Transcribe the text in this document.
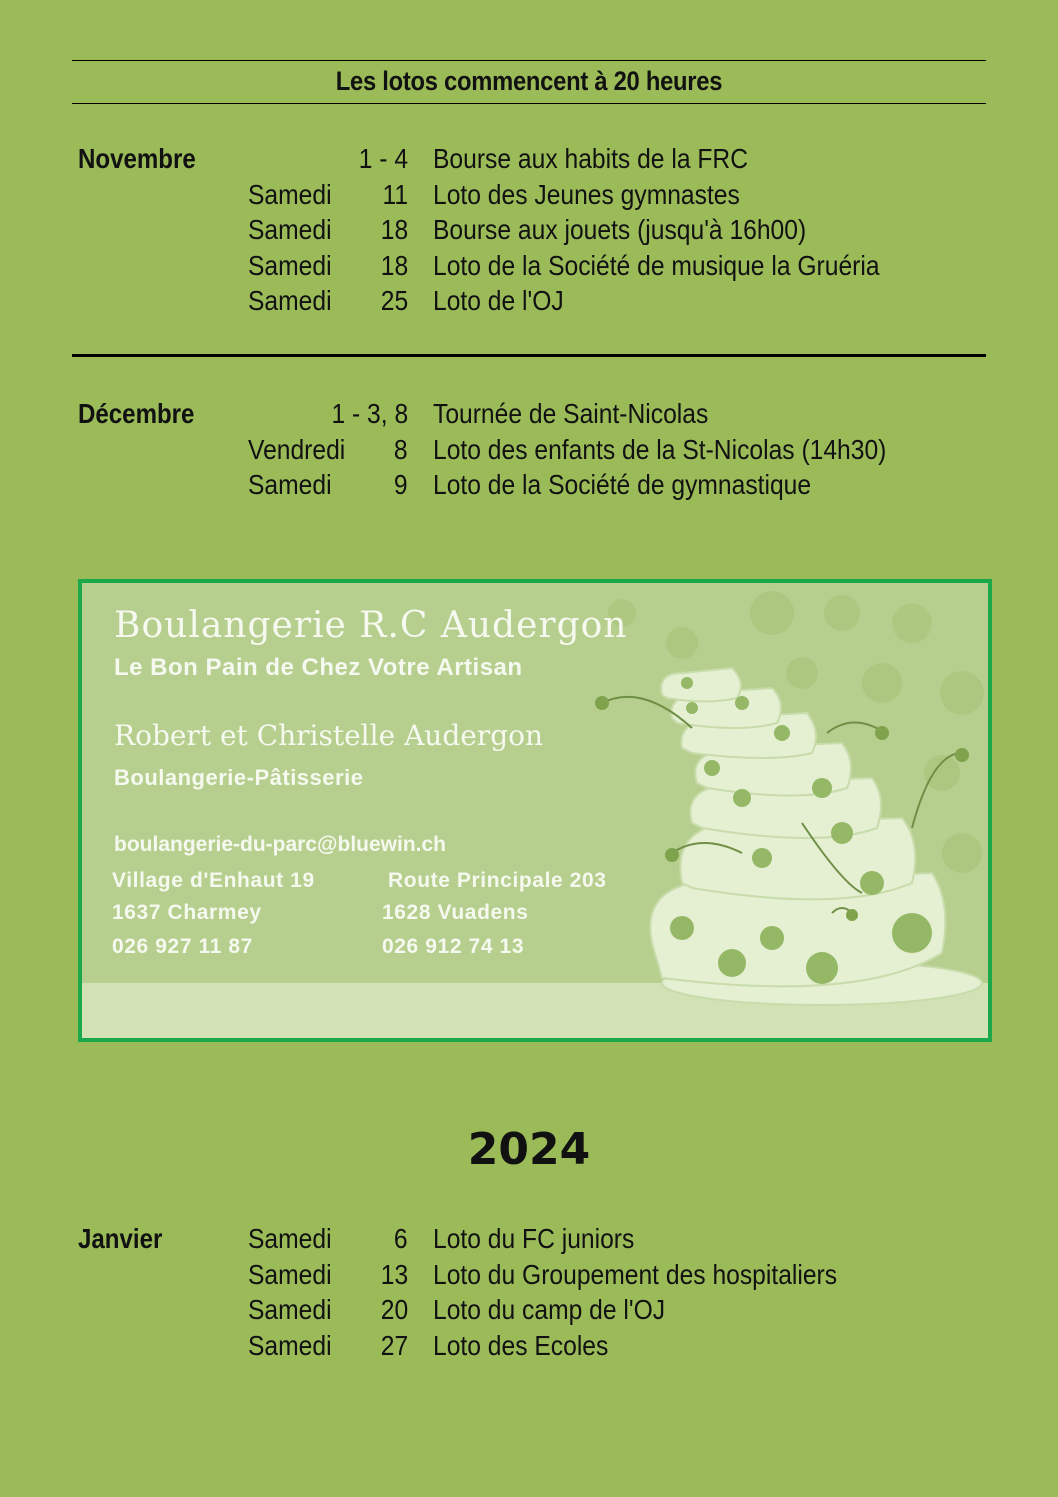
Les lotos commencent à 20 heures
Novembre	1 - 4 Bourse aux habits de la FRC
Samedi 11 Loto des Jeunes gymnastes
Samedi 18 Bourse aux jouets (jusqu'à 16h00)
Samedi 18 Loto de la Société de musique la Gruéria
Samedi 25 Loto de l'OJ
Décembre	1 - 3, 8 Tournée de Saint-Nicolas
Vendredi 8 Loto des enfants de la St-Nicolas (14h30)
Samedi 9 Loto de la Société de gymnastique
Boulangerie R.C Audergon
Le Bon Pain de Chez Votre Artisan
Robert et Christelle Audergon
Boulangerie-Pâtisserie
boulangerie-du-parc@bluewin.ch
Village d'Enhaut 19
1637 Charmey
026 927 11 87
Route Principale 203
1628 Vuadens
026 912 74 13
2024
Janvier	Samedi 6 Loto du FC juniors
Samedi 13 Loto du Groupement des hospitaliers
Samedi 20 Loto du camp de l'OJ
Samedi 27 Loto des Ecoles
